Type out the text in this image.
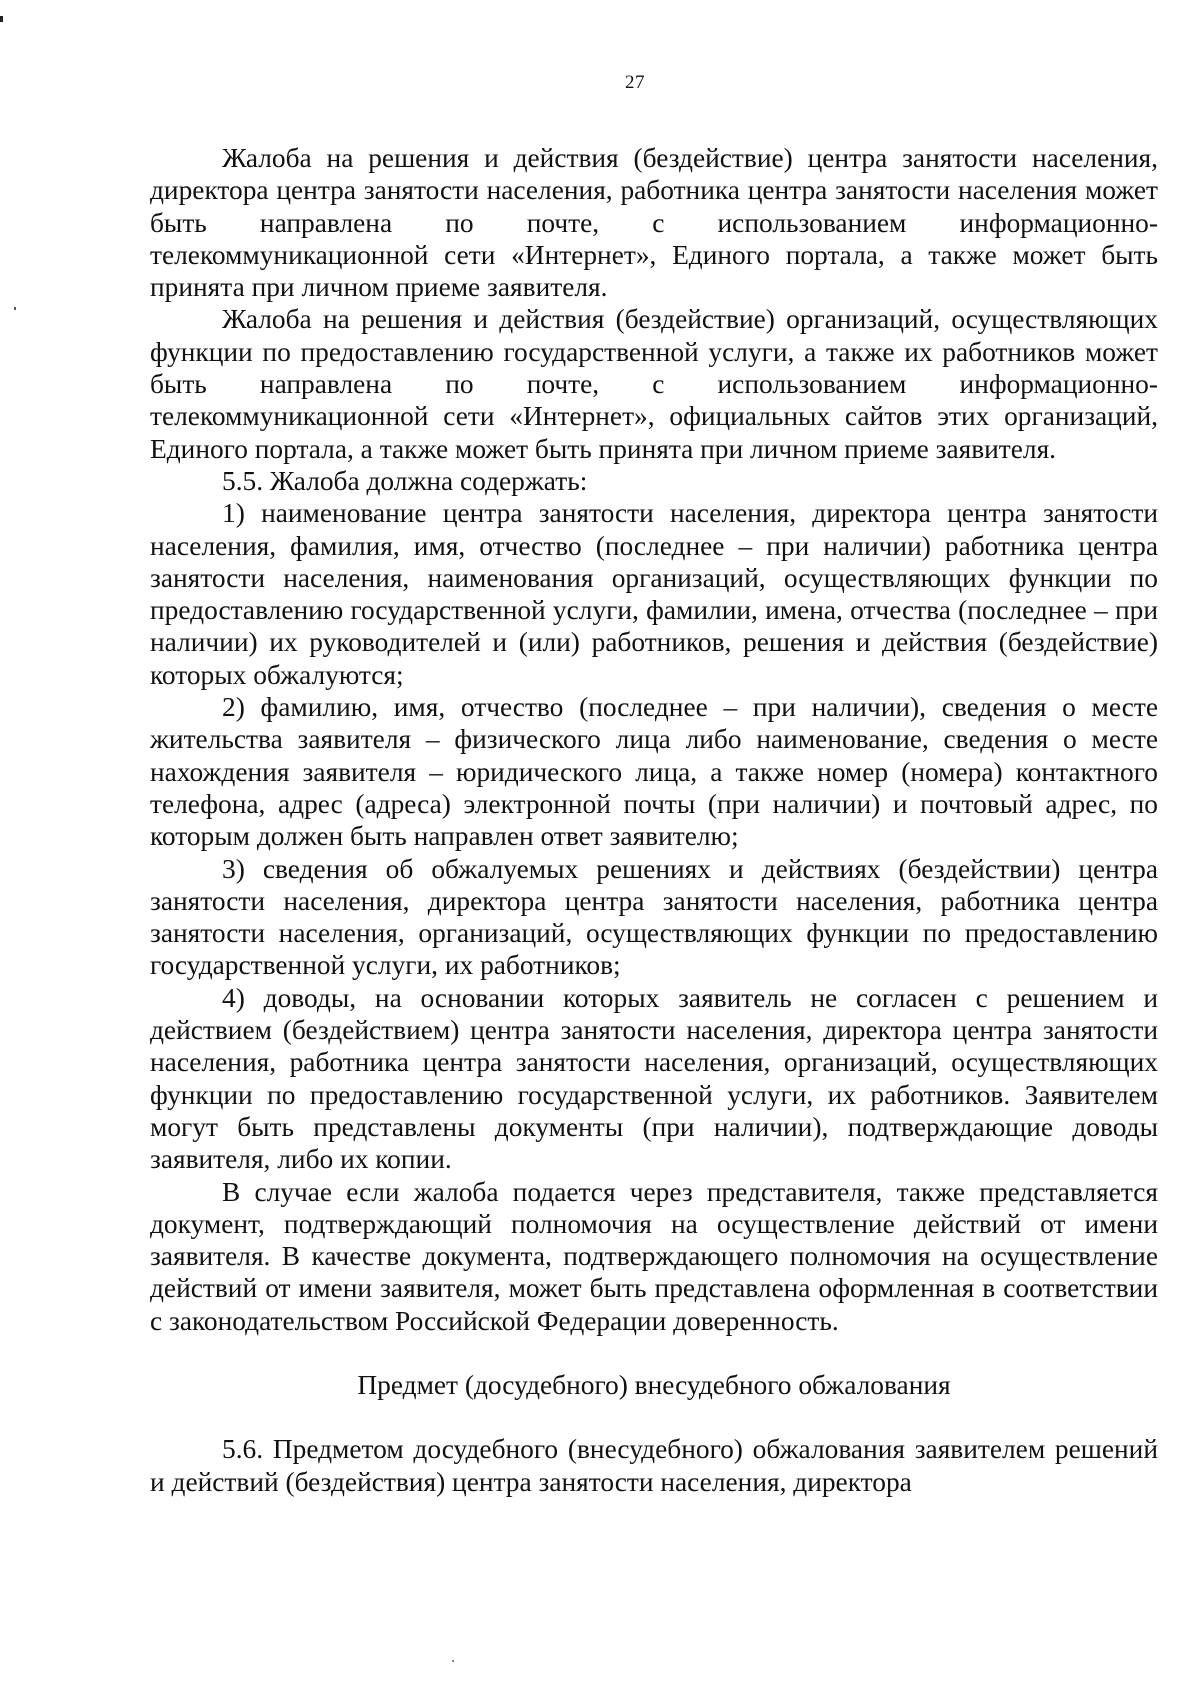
27

Жалоба на решения и действия (бездействие) центра занятости населения, директора центра занятости населения, работника центра занятости населения может быть направлена по почте, с использованием информационно-телекоммуникационной сети «Интернет», Единого портала, а также может быть принята при личном приеме заявителя.

Жалоба на решения и действия (бездействие) организаций, осуществляющих функции по предоставлению государственной услуги, а также их работников может быть направлена по почте, с использованием информационно-телекоммуникационной сети «Интернет», официальных сайтов этих организаций, Единого портала, а также может быть принята при личном приеме заявителя.

5.5. Жалоба должна содержать:

1) наименование центра занятости населения, директора центра занятости населения, фамилия, имя, отчество (последнее – при наличии) работника центра занятости населения, наименования организаций, осуществляющих функции по предоставлению государственной услуги, фамилии, имена, отчества (последнее – при наличии) их руководителей и (или) работников, решения и действия (бездействие) которых обжалуются;

2) фамилию, имя, отчество (последнее – при наличии), сведения о месте жительства заявителя – физического лица либо наименование, сведения о месте нахождения заявителя – юридического лица, а также номер (номера) контактного телефона, адрес (адреса) электронной почты (при наличии) и почтовый адрес, по которым должен быть направлен ответ заявителю;

3) сведения об обжалуемых решениях и действиях (бездействии) центра занятости населения, директора центра занятости населения, работника центра занятости населения, организаций, осуществляющих функции по предоставлению государственной услуги, их работников;

4) доводы, на основании которых заявитель не согласен с решением и действием (бездействием) центра занятости населения, директора центра занятости населения, работника центра занятости населения, организаций, осуществляющих функции по предоставлению государственной услуги, их работников. Заявителем могут быть представлены документы (при наличии), подтверждающие доводы заявителя, либо их копии.

В случае если жалоба подается через представителя, также представляется документ, подтверждающий полномочия на осуществление действий от имени заявителя. В качестве документа, подтверждающего полномочия на осуществление действий от имени заявителя, может быть представлена оформленная в соответствии с законодательством Российской Федерации доверенность.

Предмет (досудебного) внесудебного обжалования

5.6. Предметом досудебного (внесудебного) обжалования заявителем решений и действий (бездействия) центра занятости населения, директора
